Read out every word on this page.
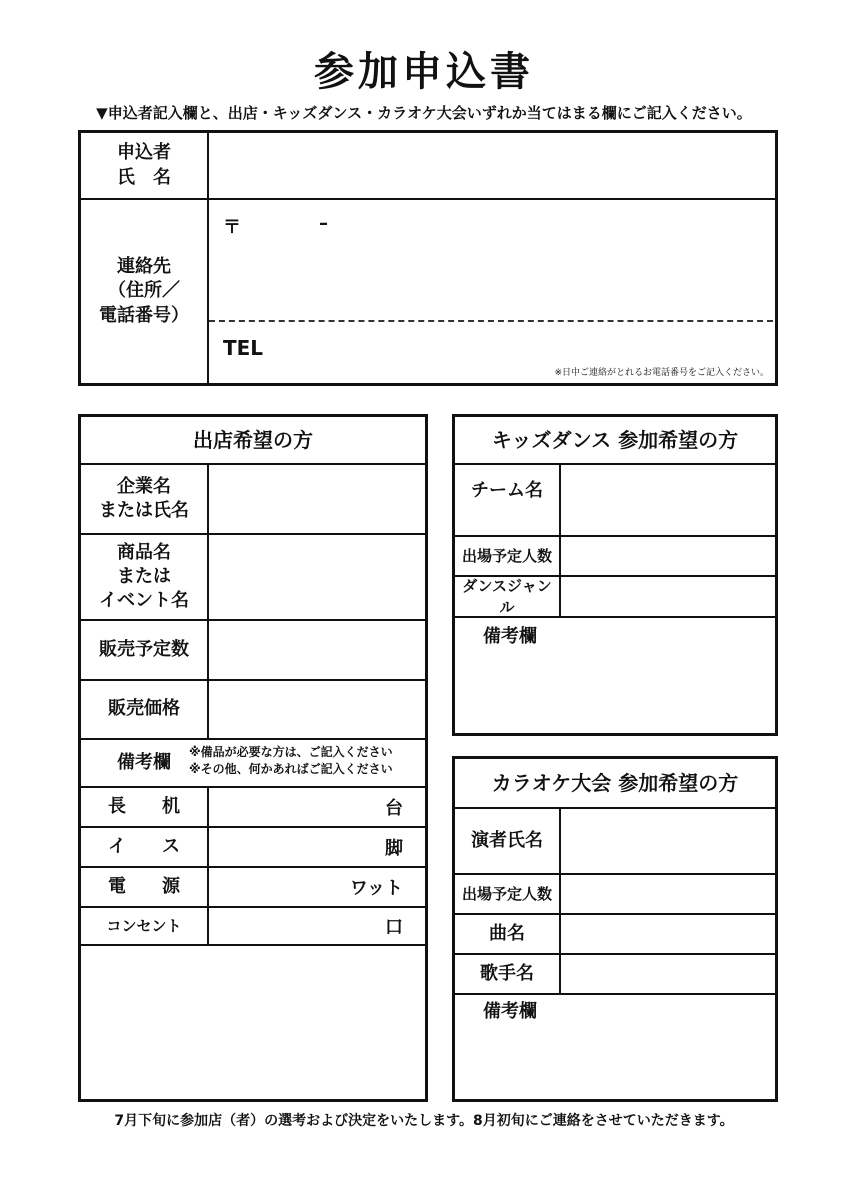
参加申込書
▼申込者記入欄と、出店・キッズダンス・カラオケ大会いずれか当てはまる欄にご記入ください。
申込者
氏　名
連絡先
（住所／
電話番号）
〒	–
TEL
※日中ご連絡がとれるお電話番号をご記入ください。
出店希望の方
企業名
または氏名
商品名
または
イベント名
販売予定数
販売価格
備考欄	※備品が必要な方は、ご記入ください
※その他、何かあればご記入ください
長　　机	台
イ　　ス	脚
電　　源	ワット
コンセント	口
キッズダンス 参加希望の方
チーム名
出場予定人数
ダンスジャンル
備考欄
カラオケ大会 参加希望の方
演者氏名
出場予定人数
曲名
歌手名
備考欄
7月下旬に参加店（者）の選考および決定をいたします。8月初旬にご連絡をさせていただきます。
